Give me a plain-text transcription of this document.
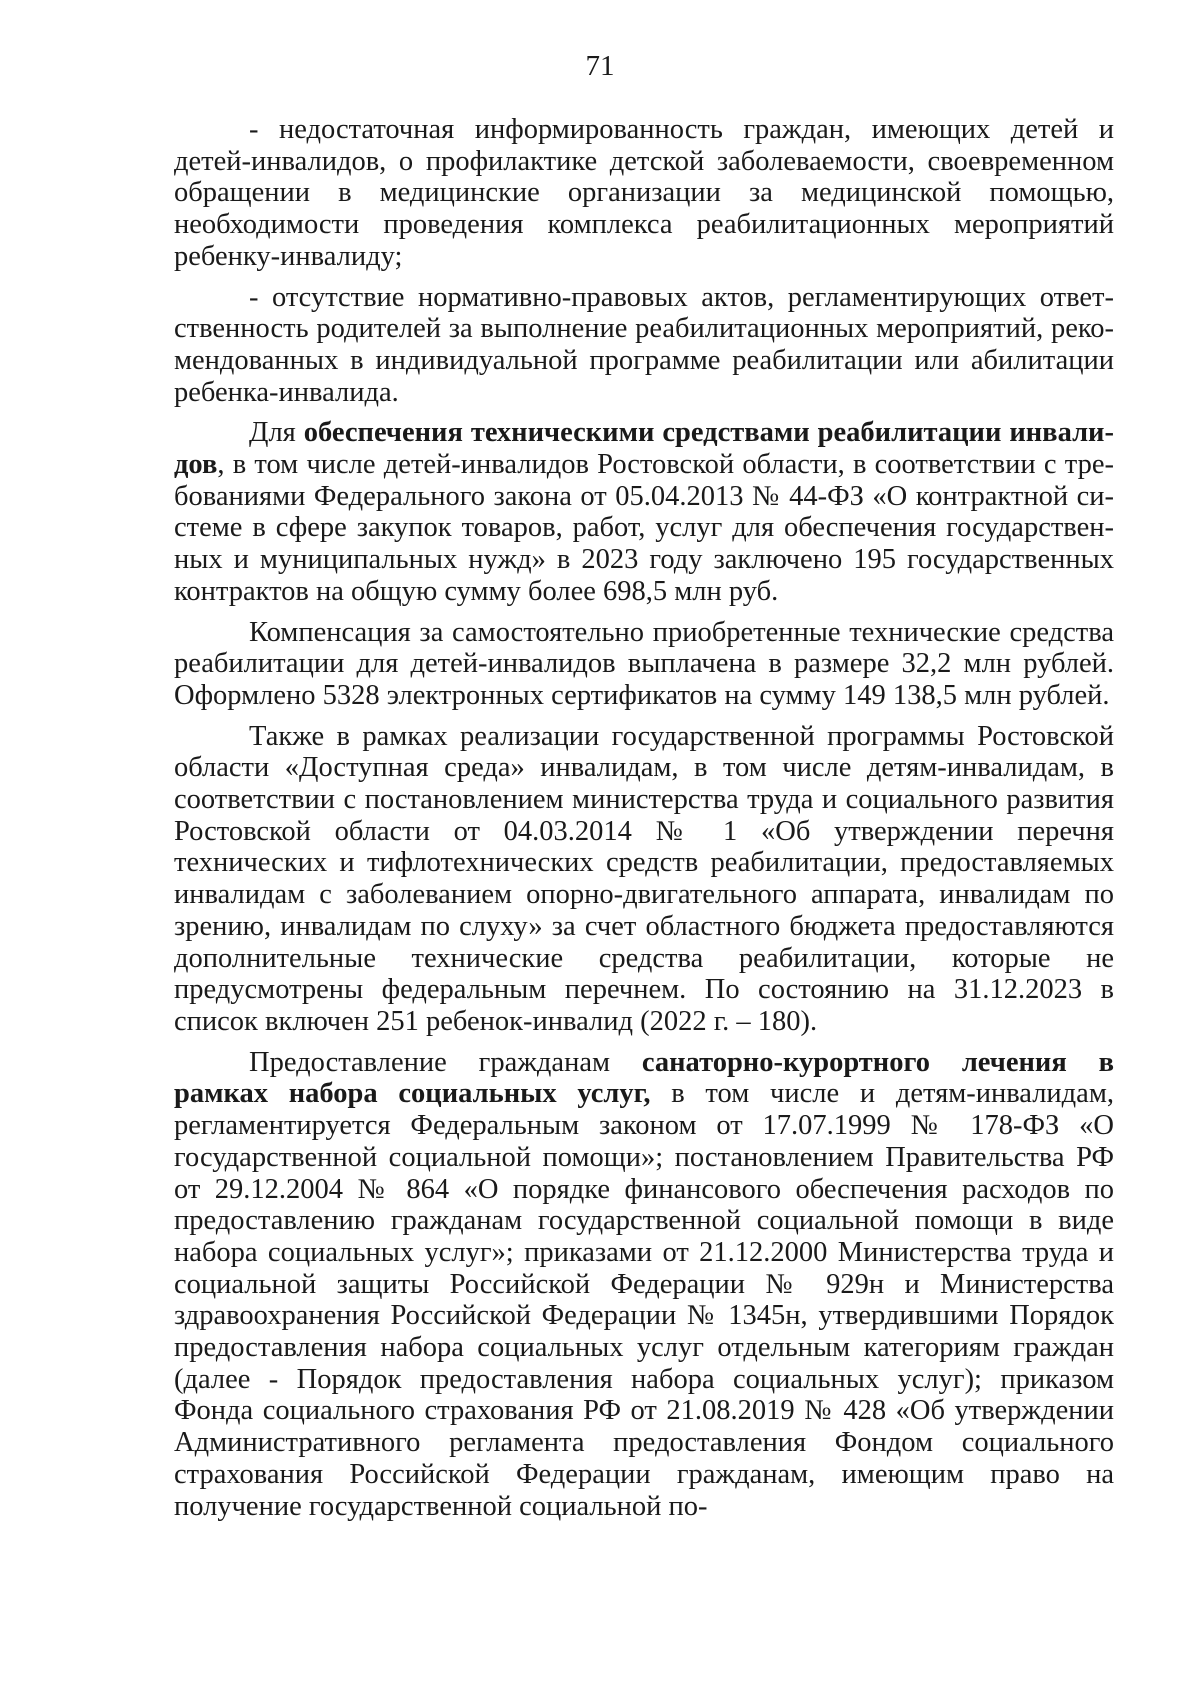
71

- недостаточная информированность граждан, имеющих детей и детей-инвалидов, о профилактике детской заболеваемости, своевременном обращении в медицинские организации за медицинской помощью, необходимости проведения комплекса реабилитационных мероприятий ребенку-инвалиду;

- отсутствие нормативно-правовых актов, регламентирующих ответственность родителей за выполнение реабилитационных мероприятий, рекомендованных в индивидуальной программе реабилитации или абилитации ребенка-инвалида.

Для обеспечения техническими средствами реабилитации инвалидов, в том числе детей-инвалидов Ростовской области, в соответствии с требованиями Федерального закона от 05.04.2013 № 44-ФЗ «О контрактной системе в сфере закупок товаров, работ, услуг для обеспечения государственных и муниципальных нужд» в 2023 году заключено 195 государственных контрактов на общую сумму более 698,5 млн руб.

Компенсация за самостоятельно приобретенные технические средства реабилитации для детей-инвалидов выплачена в размере 32,2 млн рублей. Оформлено 5328 электронных сертификатов на сумму 149 138,5 млн рублей.

Также в рамках реализации государственной программы Ростовской области «Доступная среда» инвалидам, в том числе детям-инвалидам, в соответствии с постановлением министерства труда и социального развития Ростовской области от 04.03.2014 № 1 «Об утверждении перечня технических и тифлотехнических средств реабилитации, предоставляемых инвалидам с заболеванием опорно-двигательного аппарата, инвалидам по зрению, инвалидам по слуху» за счет областного бюджета предоставляются дополнительные технические средства реабилитации, которые не предусмотрены федеральным перечнем. По состоянию на 31.12.2023 в список включен 251 ребенок-инвалид (2022 г. – 180).

Предоставление гражданам санаторно-курортного лечения в рамках набора социальных услуг, в том числе и детям-инвалидам, регламентируется Федеральным законом от 17.07.1999 № 178-ФЗ «О государственной социальной помощи»; постановлением Правительства РФ от 29.12.2004 № 864 «О порядке финансового обеспечения расходов по предоставлению гражданам государственной социальной помощи в виде набора социальных услуг»; приказами от 21.12.2000 Министерства труда и социальной защиты Российской Федерации № 929н и Министерства здравоохранения Российской Федерации № 1345н, утвердившими Порядок предоставления набора социальных услуг отдельным категориям граждан (далее - Порядок предоставления набора социальных услуг); приказом Фонда социального страхования РФ от 21.08.2019 № 428 «Об утверждении Административного регламента предоставления Фондом социального страхования Российской Федерации гражданам, имеющим право на получение государственной социальной по-
